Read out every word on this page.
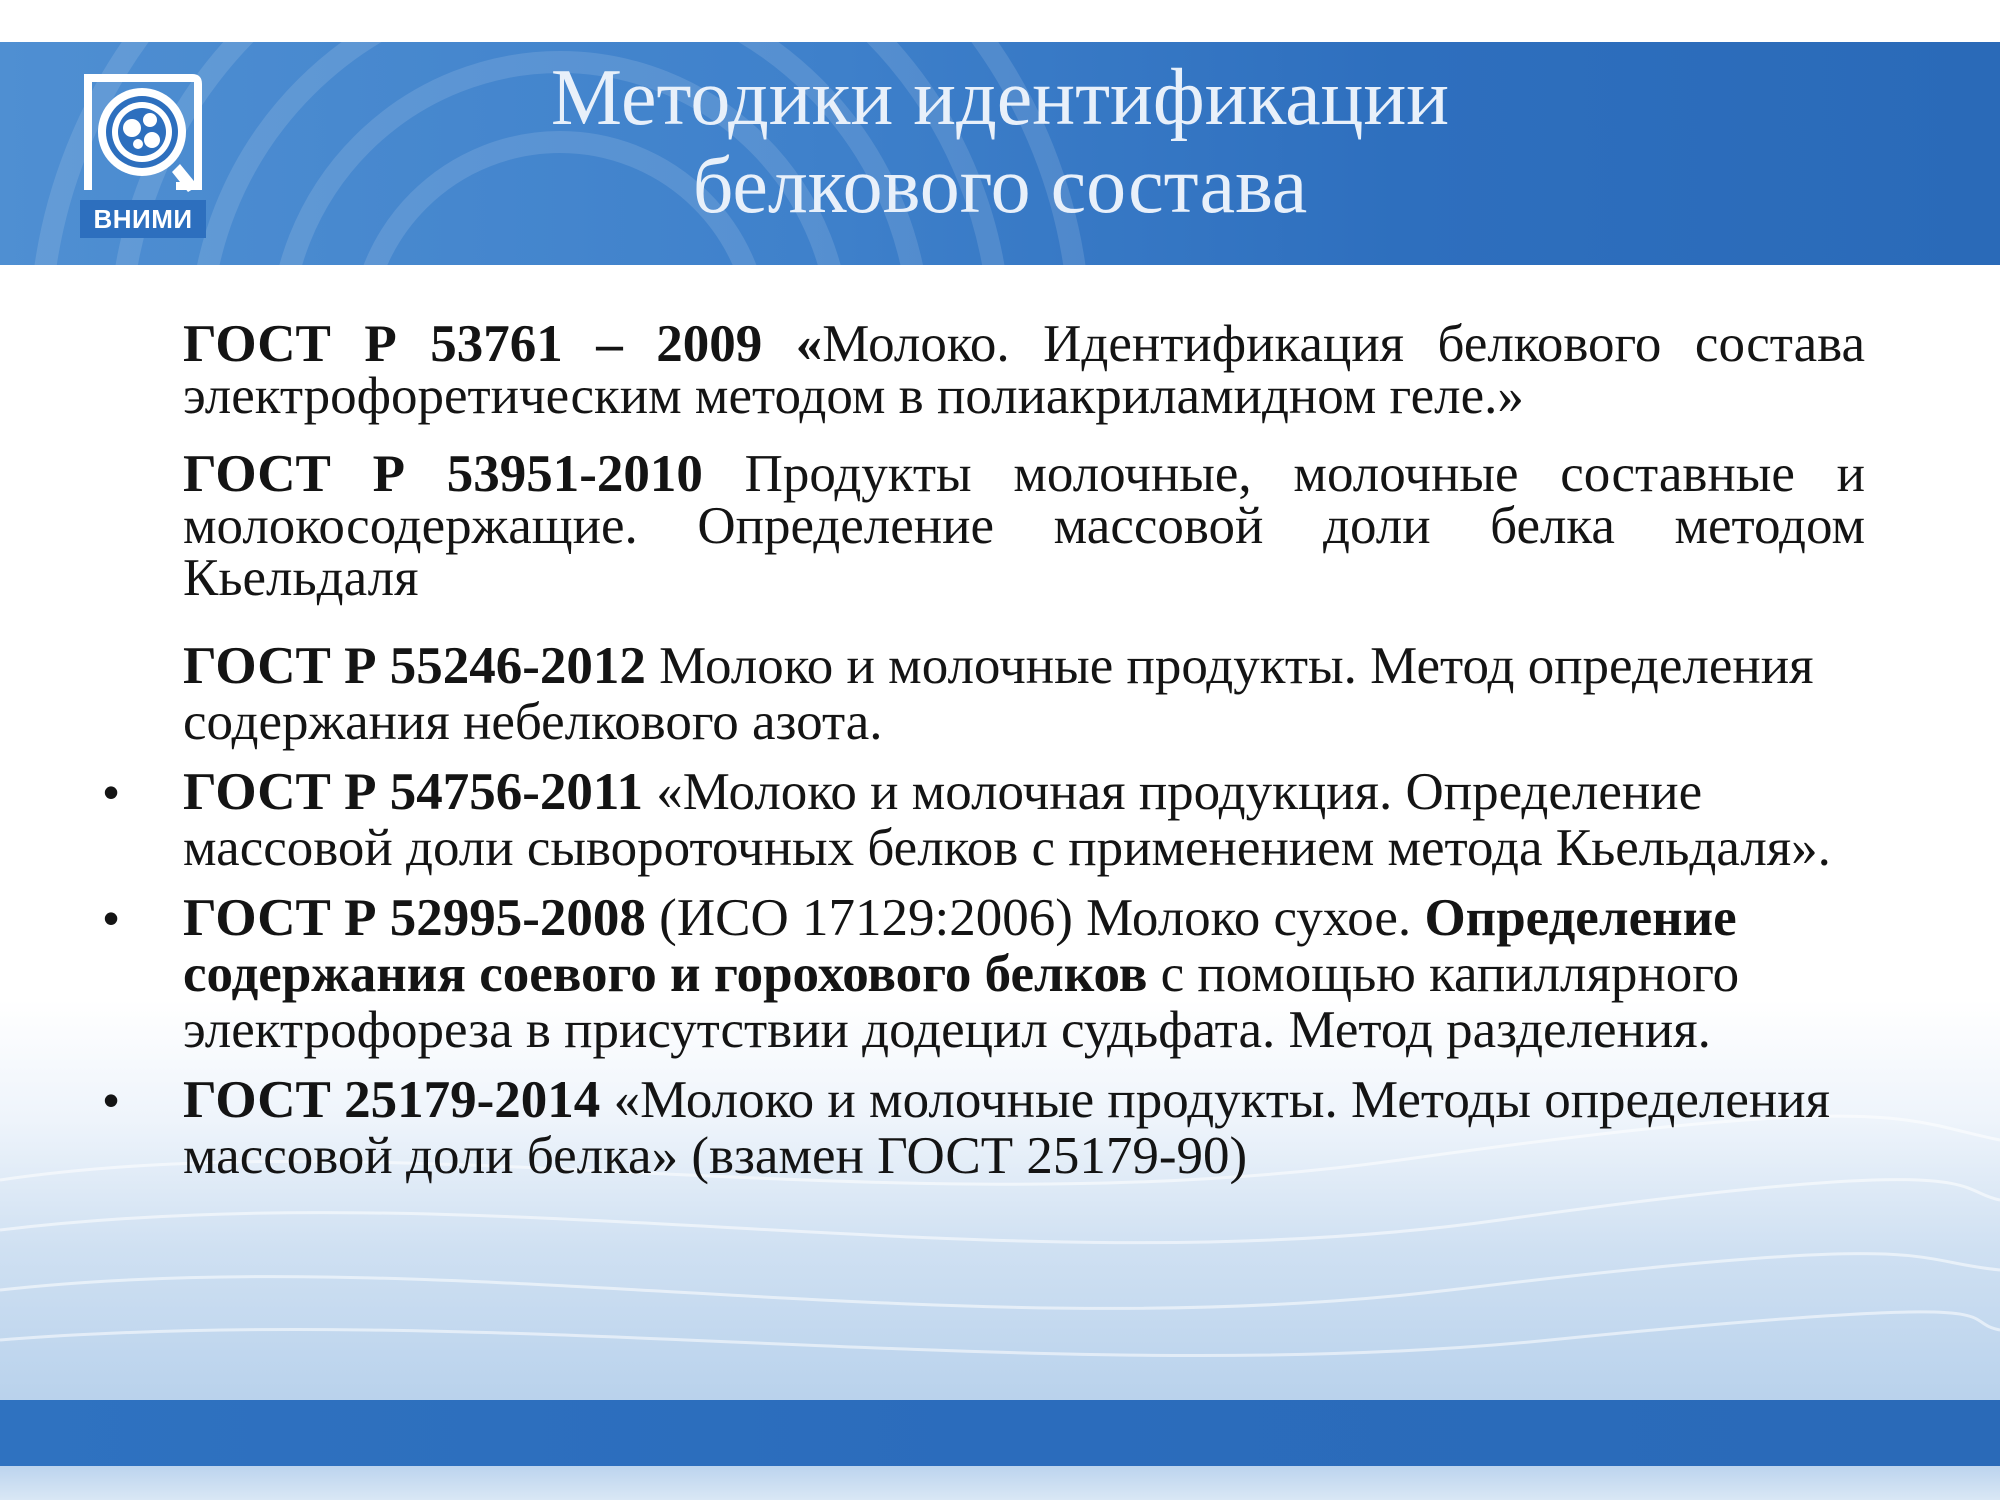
ВНИМИ
Методики идентификации
белкового состава
ГОСТ Р 53761 – 2009 «Молоко. Идентификация белкового состава электрофоретическим методом в полиакриламидном геле.»
ГОСТ Р 53951-2010 Продукты молочные, молочные составные и молокосодержащие. Определение массовой доли белка методом Кьельдаля
ГОСТ Р 55246-2012 Молоко и молочные продукты. Метод определения содержания небелкового азота.
•	ГОСТ Р 54756-2011 «Молоко и молочная продукция. Определение массовой доли сывороточных белков с применением метода Кьельдаля».
•	ГОСТ Р 52995-2008 (ИСО 17129:2006) Молоко сухое. Определение содержания соевого и горохового белков с помощью капиллярного электрофореза в присутствии додецил судьфата. Метод разделения.
•	ГОСТ 25179-2014 «Молоко и молочные продукты. Методы определения массовой доли белка» (взамен ГОСТ 25179-90)
